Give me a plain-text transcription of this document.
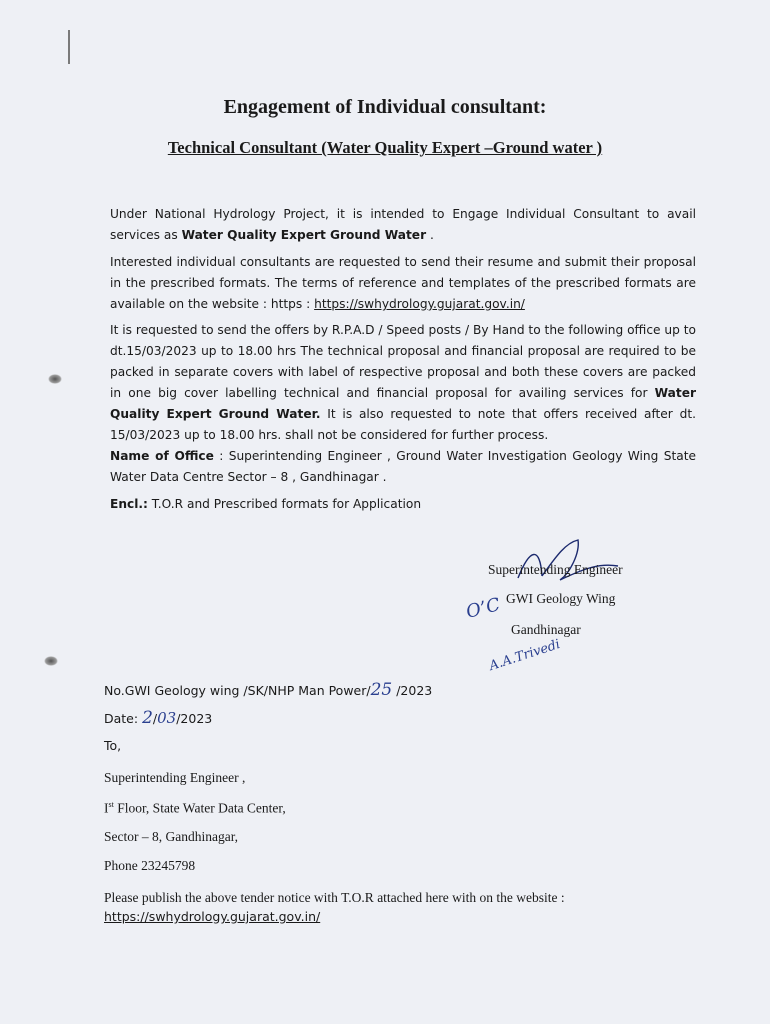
Engagement of Individual consultant:
Technical Consultant (Water Quality Expert –Ground water )
Under National Hydrology Project, it is intended to Engage Individual Consultant to avail services as Water Quality Expert Ground Water .
Interested individual consultants are requested to send their resume and submit their proposal in the prescribed formats. The terms of reference and templates of the prescribed formats are available on the website : https : https://swhydrology.gujarat.gov.in/
It is requested to send the offers by R.P.A.D / Speed posts / By Hand to the following office up to dt.15/03/2023 up to 18.00 hrs The technical proposal and financial proposal are required to be packed in separate covers with label of respective proposal and both these covers are packed in one big cover labelling technical and financial proposal for availing services for Water Quality Expert Ground Water. It is also requested to note that offers received after dt. 15/03/2023 up to 18.00 hrs. shall not be considered for further process.
Name of Office : Superintending Engineer , Ground Water Investigation Geology Wing State Water Data Centre Sector – 8 , Gandhinagar .
Encl.: T.O.R and Prescribed formats for Application
Superintending Engineer
GWI Geology Wing
Gandhinagar
O’C
A.A.Trivedi
No.GWI Geology wing /SK/NHP Man Power/25 /2023
Date: 2/03/2023
To,
Superintending Engineer ,
Ist Floor, State Water Data Center,
Sector – 8, Gandhinagar,
Phone 23245798
Please publish the above tender notice with T.O.R attached here with on the website :
https://swhydrology.gujarat.gov.in/
